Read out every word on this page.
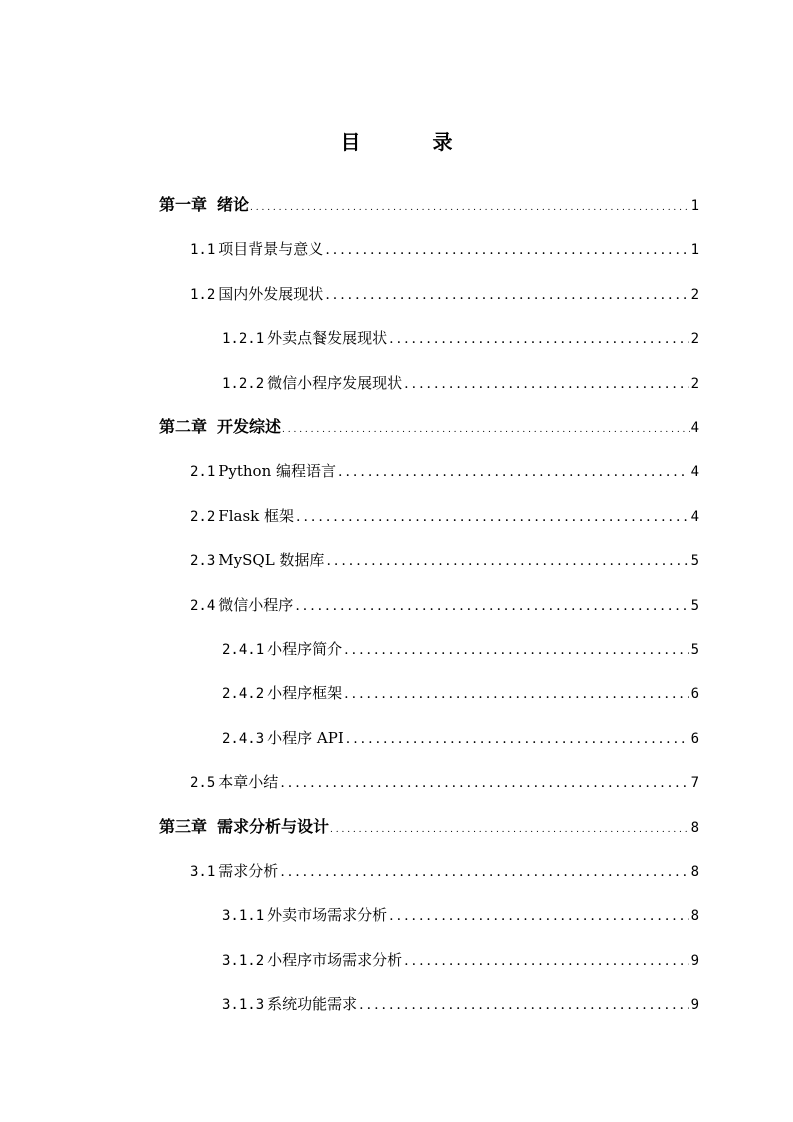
目　录
第一章 绪论 . . .	1
1.1 项目背景与意义 .....	1
1.2 国内外发展现状 .....	2
1.2.1 外卖点餐发展现状 .....	2
1.2.2 微信小程序发展现状 .....	2
第二章 开发综述 . . .	4
2.1 Python 编程语言 .....	4
2.2 Flask 框架 .....	4
2.3 MySQL 数据库 .....	5
2.4 微信小程序 .....	5
2.4.1 小程序简介 .....	5
2.4.2 小程序框架 .....	6
2.4.3 小程序 API .....	6
2.5 本章小结 .....	7
第三章 需求分析与设计 . . .	8
3.1 需求分析 .....	8
3.1.1 外卖市场需求分析 .....	8
3.1.2 小程序市场需求分析 .....	9
3.1.3 系统功能需求 .....	9
